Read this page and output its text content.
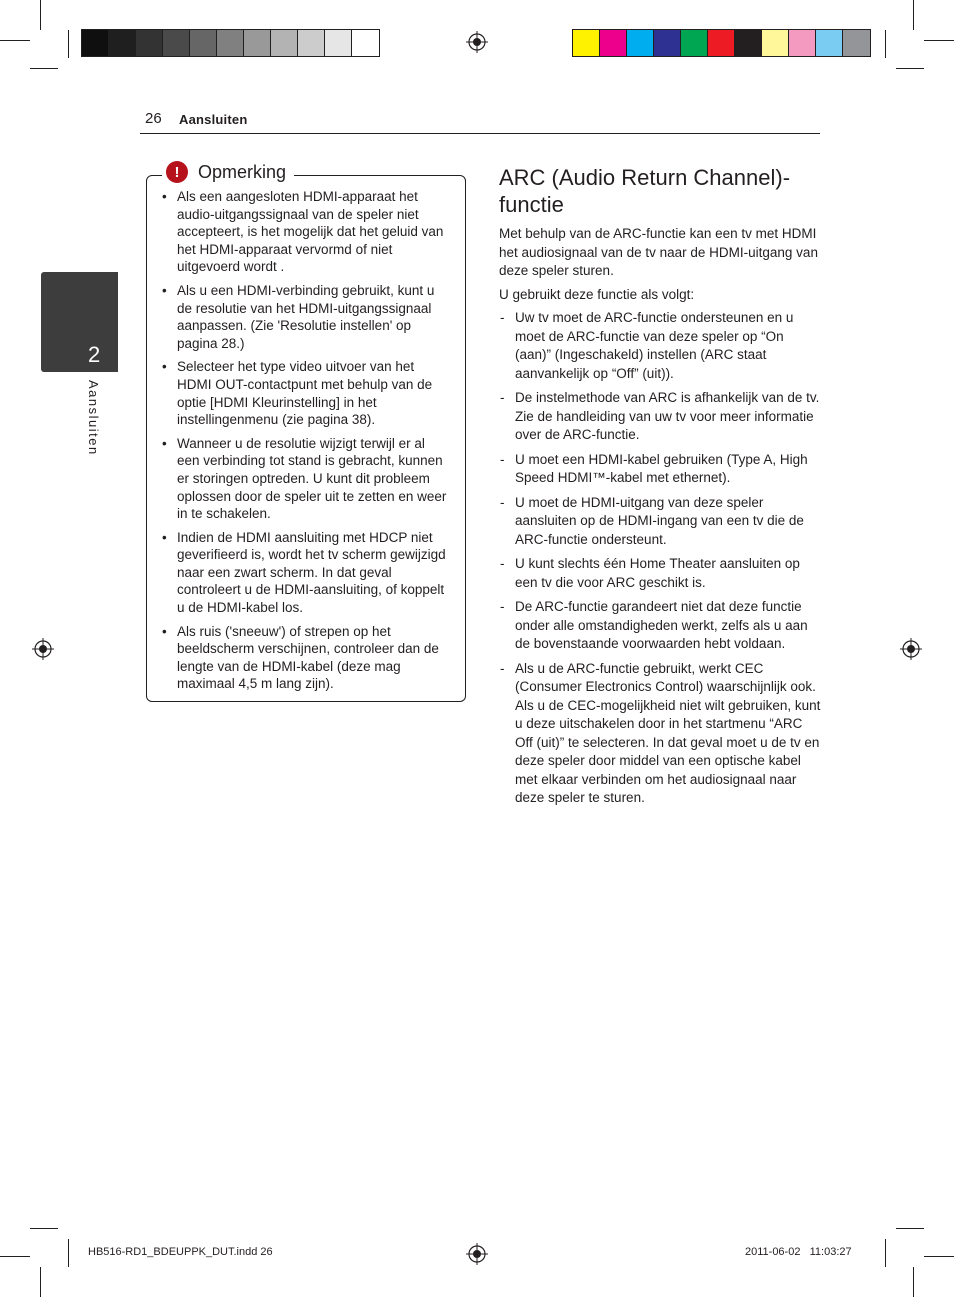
26 Aansluiten
2
Aansluiten
!	Opmerking
• Als een aangesloten HDMI-apparaat het audio-uitgangssignaal van de speler niet accepteert, is het mogelijk dat het geluid van het HDMI-apparaat vervormd of niet uitgevoerd wordt .
• Als u een HDMI-verbinding gebruikt, kunt u de resolutie van het HDMI-uitgangssignaal aanpassen. (Zie 'Resolutie instellen' op pagina 28.)
• Selecteer het type video uitvoer van het HDMI OUT-contactpunt met behulp van de optie [HDMI Kleurinstelling] in het instellingenmenu (zie pagina 38).
• Wanneer u de resolutie wijzigt terwijl er al een verbinding tot stand is gebracht, kunnen er storingen optreden. U kunt dit probleem oplossen door de speler uit te zetten en weer in te schakelen.
• Indien de HDMI aansluiting met HDCP niet geverifieerd is, wordt het tv scherm gewijzigd naar een zwart scherm. In dat geval controleert u de HDMI-aansluiting, of koppelt u de HDMI-kabel los.
• Als ruis ('sneeuw') of strepen op het beeldscherm verschijnen, controleer dan de lengte van de HDMI-kabel (deze mag maximaal 4,5 m lang zijn).
ARC (Audio Return Channel)-functie

Met behulp van de ARC-functie kan een tv met HDMI het audiosignaal van de tv naar de HDMI-uitgang van deze speler sturen.

U gebruikt deze functie als volgt:

- Uw tv moet de ARC-functie ondersteunen en u moet de ARC-functie van deze speler op “On (aan)” (Ingeschakeld) instellen (ARC staat aanvankelijk op “Off” (uit)).
- De instelmethode van ARC is afhankelijk van de tv. Zie de handleiding van uw tv voor meer informatie over de ARC-functie.
- U moet een HDMI-kabel gebruiken (Type A, High Speed HDMI™-kabel met ethernet).
- U moet de HDMI-uitgang van deze speler aansluiten op de HDMI-ingang van een tv die de ARC-functie ondersteunt.
- U kunt slechts één Home Theater aansluiten op een tv die voor ARC geschikt is.
- De ARC-functie garandeert niet dat deze functie onder alle omstandigheden werkt, zelfs als u aan de bovenstaande voorwaarden hebt voldaan.
- Als u de ARC-functie gebruikt, werkt CEC (Consumer Electronics Control) waarschijnlijk ook. Als u de CEC-mogelijkheid niet wilt gebruiken, kunt u deze uitschakelen door in het startmenu “ARC Off (uit)” te selecteren. In dat geval moet u de tv en deze speler door middel van een optische kabel met elkaar verbinden om het audiosignaal naar deze speler te sturen.
HB516-RD1_BDEUPPK_DUT.indd 26	2011-06-02   11:03:27
